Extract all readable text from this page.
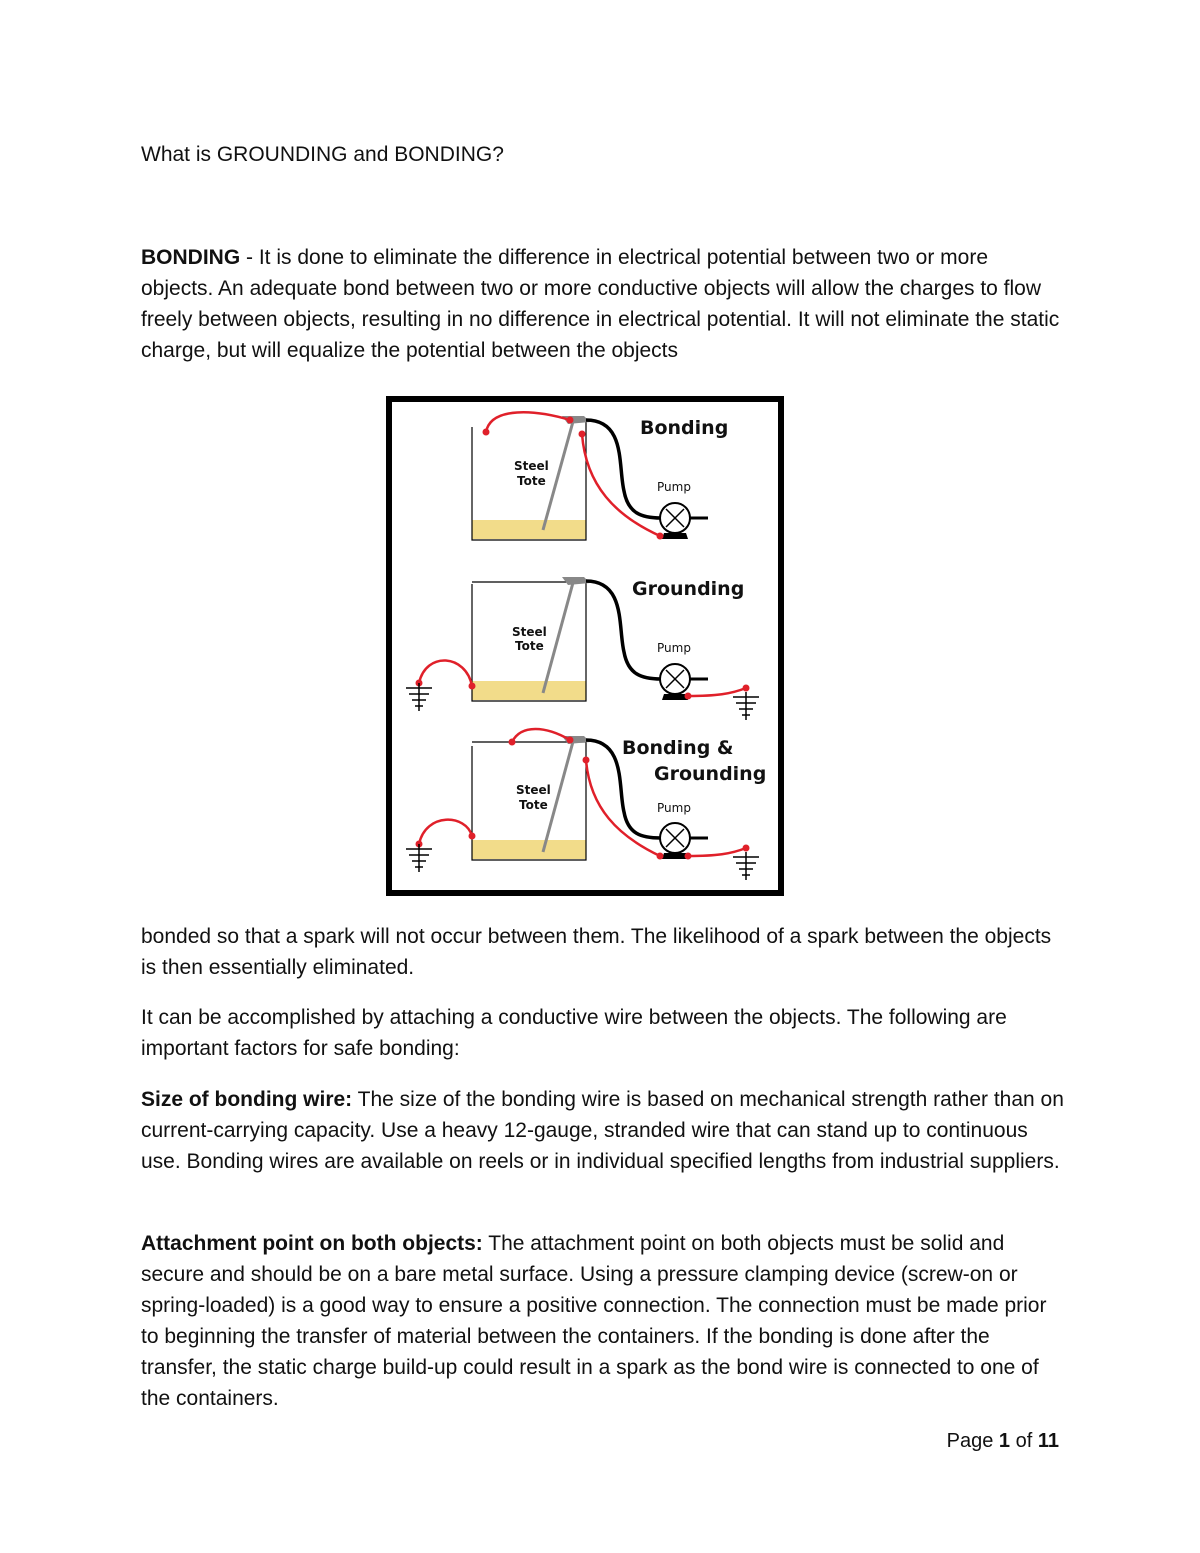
What is GROUNDING and BONDING?

BONDING - It is done to eliminate the difference in electrical potential between two or more objects. An adequate bond between two or more conductive objects will allow the charges to flow freely between objects, resulting in no difference in electrical potential. It will not eliminate the static charge, but will equalize the potential between the objects

Bonding
Steel
Tote	Pump
Grounding
Steel
Tote	Pump
Bonding &
Grounding
Steel
Tote	Pump

bonded so that a spark will not occur between them. The likelihood of a spark between the objects is then essentially eliminated.

It can be accomplished by attaching a conductive wire between the objects. The following are important factors for safe bonding:

Size of bonding wire: The size of the bonding wire is based on mechanical strength rather than on current-carrying capacity. Use a heavy 12-gauge, stranded wire that can stand up to continuous use. Bonding wires are available on reels or in individual specified lengths from industrial suppliers.

Attachment point on both objects: The attachment point on both objects must be solid and secure and should be on a bare metal surface. Using a pressure clamping device (screw-on or spring-loaded) is a good way to ensure a positive connection. The connection must be made prior to beginning the transfer of material between the containers. If the bonding is done after the transfer, the static charge build-up could result in a spark as the bond wire is connected to one of the containers.

Page 1 of 11
